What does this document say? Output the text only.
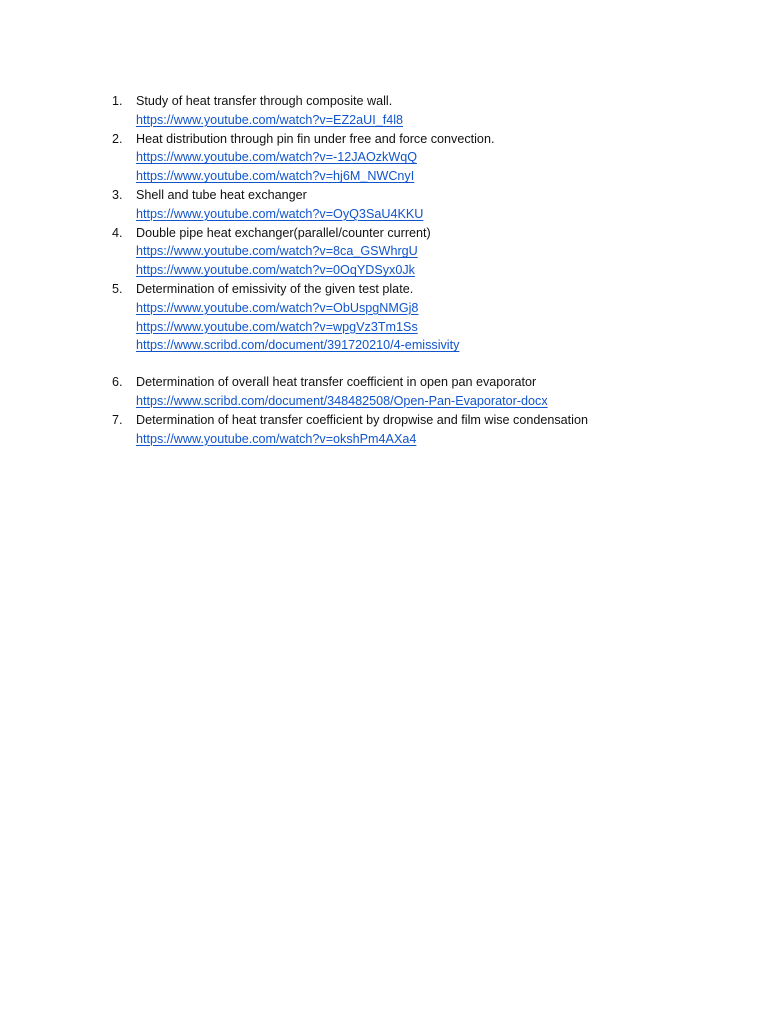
1.	Study of heat transfer through composite wall.
https://www.youtube.com/watch?v=EZ2aUI_f4l8
2.	Heat distribution through pin fin under free and force convection.
https://www.youtube.com/watch?v=-12JAOzkWqQ
https://www.youtube.com/watch?v=hj6M_NWCnyI
3.	Shell and tube heat exchanger
https://www.youtube.com/watch?v=OyQ3SaU4KKU
4.	Double pipe heat exchanger(parallel/counter current)
https://www.youtube.com/watch?v=8ca_GSWhrgU
https://www.youtube.com/watch?v=0OqYDSyx0Jk
5.	Determination of emissivity of the given test plate.
https://www.youtube.com/watch?v=ObUspgNMGj8
https://www.youtube.com/watch?v=wpgVz3Tm1Ss
https://www.scribd.com/document/391720210/4-emissivity
6.	Determination of overall heat transfer coefficient in open pan evaporator
https://www.scribd.com/document/348482508/Open-Pan-Evaporator-docx
7.	Determination of heat transfer coefficient by dropwise and film wise condensation
https://www.youtube.com/watch?v=okshPm4AXa4
